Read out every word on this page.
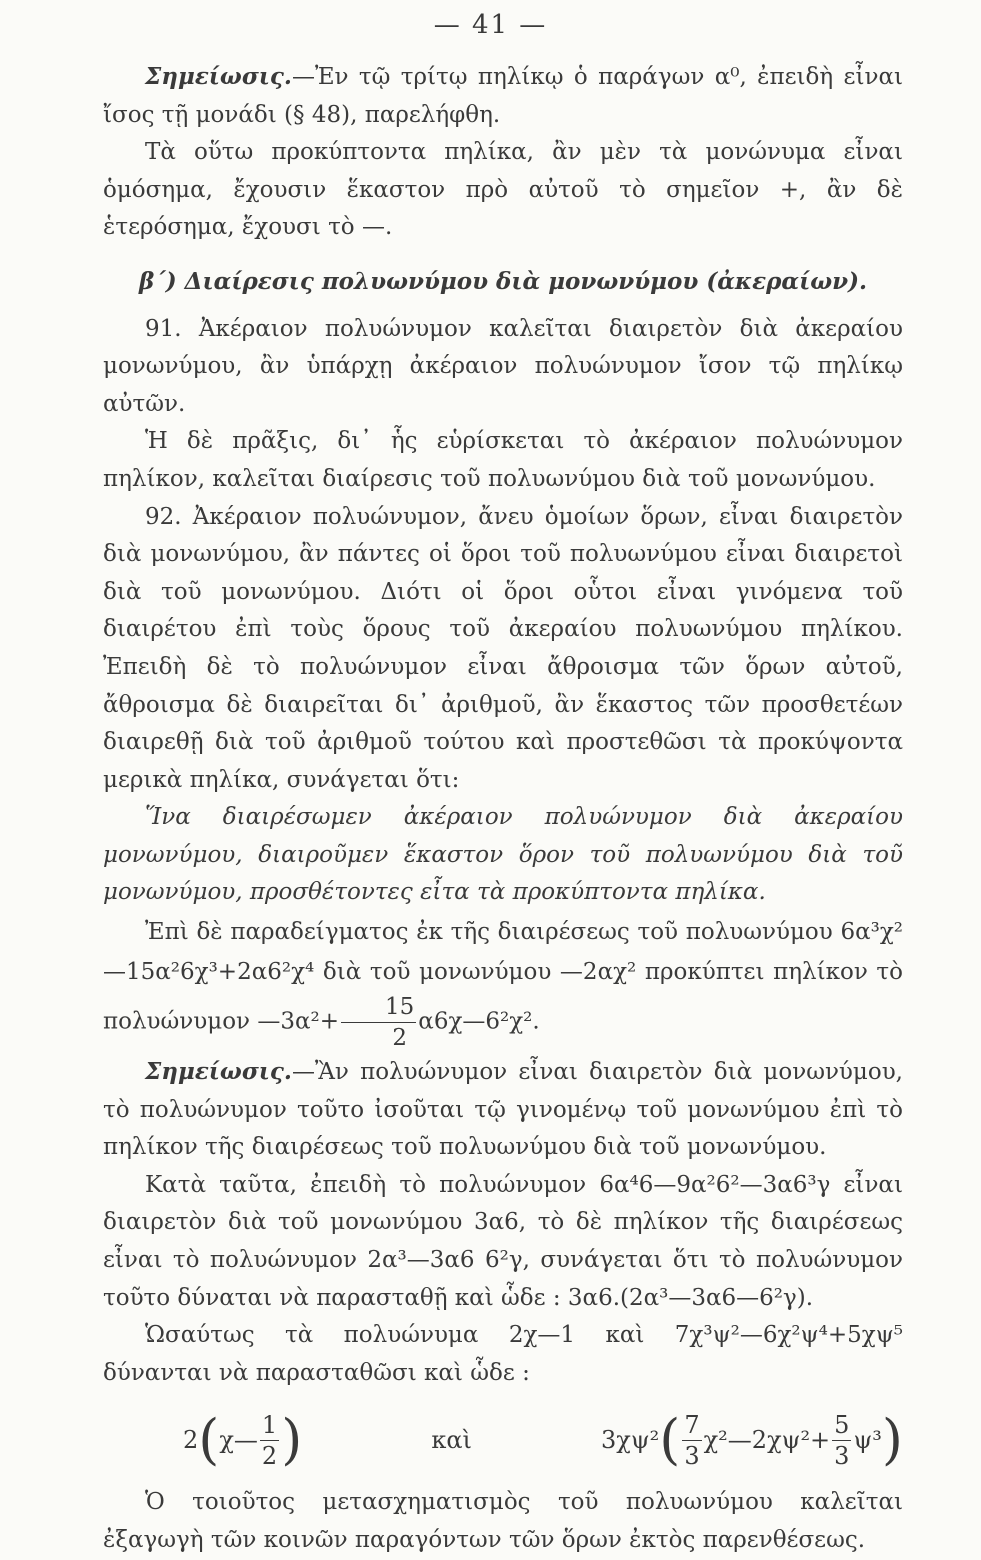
— 41 —

Σημείωσις.—Ἐν τῷ τρίτῳ πηλίκῳ ὁ παράγων α⁰, ἐπειδὴ εἶναι ἴσος τῇ μονάδι (§ 48), παρελήφθη.

Τὰ οὕτω προκύπτοντα πηλίκα, ἂν μὲν τὰ μονώνυμα εἶναι ὁμόσημα, ἔχουσιν ἕκαστον πρὸ αὐτοῦ τὸ σημεῖον +, ἂν δὲ ἑτερόσημα, ἔχουσι τὸ —.

β΄) Διαίρεσις πολυωνύμου διὰ μονωνύμου (ἀκεραίων).

91. Ἀκέραιον πολυώνυμον καλεῖται διαιρετὸν διὰ ἀκεραίου μονωνύμου, ἂν ὑπάρχῃ ἀκέραιον πολυώνυμον ἴσον τῷ πηλίκῳ αὐτῶν.

Ἡ δὲ πρᾶξις, δι᾿ ἧς εὑρίσκεται τὸ ἀκέραιον πολυώνυμον πηλίκον, καλεῖται διαίρεσις τοῦ πολυωνύμου διὰ τοῦ μονωνύμου.

92. Ἀκέραιον πολυώνυμον, ἄνευ ὁμοίων ὅρων, εἶναι διαιρετὸν διὰ μονωνύμου, ἂν πάντες οἱ ὅροι τοῦ πολυωνύμου εἶναι διαιρετοὶ διὰ τοῦ μονωνύμου. Διότι οἱ ὅροι οὗτοι εἶναι γινόμενα τοῦ διαιρέτου ἐπὶ τοὺς ὅρους τοῦ ἀκεραίου πολυωνύμου πηλίκου. Ἐπειδὴ δὲ τὸ πολυώνυμον εἶναι ἄθροισμα τῶν ὅρων αὐτοῦ, ἄθροισμα δὲ διαιρεῖται δι᾿ ἀριθμοῦ, ἂν ἕκαστος τῶν προσθετέων διαιρεθῇ διὰ τοῦ ἀριθμοῦ τούτου καὶ προστεθῶσι τὰ προκύψοντα μερικὰ πηλίκα, συνάγεται ὅτι:

Ἵνα διαιρέσωμεν ἀκέραιον πολυώνυμον διὰ ἀκεραίου μονωνύμου, διαιροῦμεν ἕκαστον ὅρον τοῦ πολυωνύμου διὰ τοῦ μονωνύμου, προσθέτοντες εἶτα τὰ προκύπτοντα πηλίκα.

Ἐπὶ δὲ παραδείγματος ἐκ τῆς διαιρέσεως τοῦ πολυωνύμου 6α³χ²—15α²6χ³+2α6²χ⁴ διὰ τοῦ μονωνύμου —2αχ² προκύπτει πηλίκον τὸ πολυώνυμον —3α²+ $\frac{15}{2}$ α6χ—6²χ².

Σημείωσις.—Ἂν πολυώνυμον εἶναι διαιρετὸν διὰ μονωνύμου, τὸ πολυώνυμον τοῦτο ἰσοῦται τῷ γινομένῳ τοῦ μονωνύμου ἐπὶ τὸ πηλίκον τῆς διαιρέσεως τοῦ πολυωνύμου διὰ τοῦ μονωνύμου.

Κατὰ ταῦτα, ἐπειδὴ τὸ πολυώνυμον 6α⁴6—9α²6²—3α6³γ εἶναι διαιρετὸν διὰ τοῦ μονωνύμου 3α6, τὸ δὲ πηλίκον τῆς διαιρέσεως εἶναι τὸ πολυώνυμον 2α³—3α6 6²γ, συνάγεται ὅτι τὸ πολυώνυμον τοῦτο δύναται νὰ παρασταθῇ καὶ ὧδε : 3α6.(2α³—3α6—6²γ).

Ὡσαύτως τὰ πολυώνυμα 2χ—1 καὶ 7χ³ψ²—6χ²ψ⁴+5χψ⁵ δύνανται νὰ παρασταθῶσι καὶ ὧδε :

2 ( χ— $\frac{1}{2}$ )	καὶ	3χψ² ( $\frac{7}{3}$ χ²—2χψ²+ $\frac{5}{3} \psi^3$ )

Ὁ τοιοῦτος μετασχηματισμὸς τοῦ πολυωνύμου καλεῖται ἐξαγωγὴ τῶν κοινῶν παραγόντων τῶν ὅρων ἐκτὸς παρενθέσεως.
